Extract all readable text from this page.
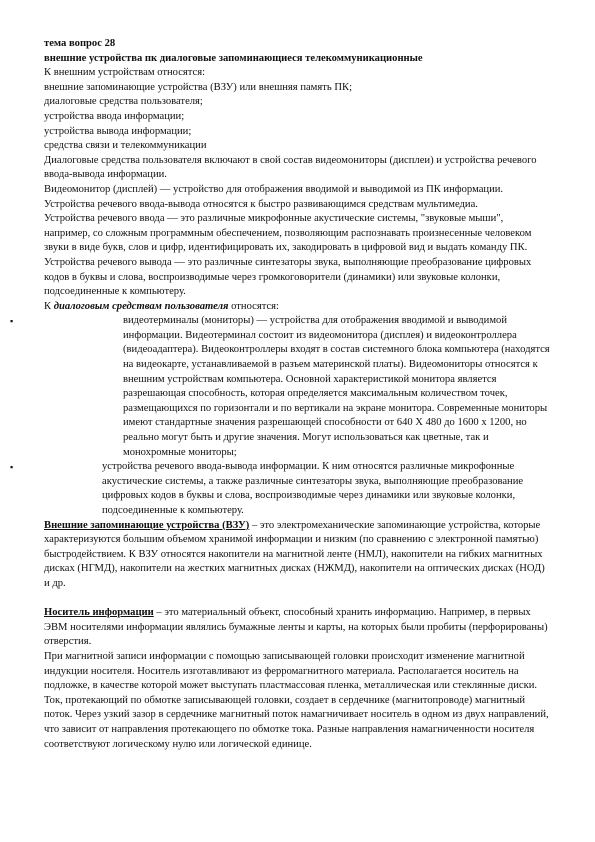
тема вопрос 28

внешние устройства пк диалоговые запоминающиеся телекоммуникационные

К внешним устройствам относятся:

внешние запоминающие устройства (ВЗУ) или внешняя память ПК;

диалоговые средства пользователя;

устройства ввода информации;

устройства вывода информации;

средства связи и телекоммуникации

Диалоговые средства пользователя включают в свой состав видеомониторы (дисплеи) и устройства речевого ввода-вывода информации.

Видеомонитор (дисплей) — устройство для отображения вводимой и выводимой из ПК информации.

Устройства речевого ввода-вывода относятся к быстро развивающимся средствам мультимедиа.

Устройства речевого ввода — это различные микрофонные акустические системы, "звуковые мыши", например, со сложным программным обеспечением, позволяющим распознавать произнесенные человеком звуки в виде букв, слов и цифр, идентифицировать их, закодировать в цифровой вид и выдать команду ПК.

Устройства речевого вывода — это различные синтезаторы звука, выполняющие преобразование цифровых кодов в буквы и слова, воспроизводимые через громкоговорители (динамики) или звуковые колонки, подсоединенные к компьютеру.

К диалоговым средствам пользователя относятся:

▪	видеотерминалы (мониторы) — устройства для отображения вводимой и выводимой информации. Видеотерминал состоит из видеомонитора (дисплея) и видеоконтроллера (видеоадаптера). Видеоконтроллеры входят в состав системного блока компьютера (находятся на видеокарте, устанавливаемой в разъем материнской платы). Видеомониторы относятся к внешним устройствам компьютера. Основной характеристикой монитора является разрешающая способность, которая определяется максимальным количеством точек, размещающихся по горизонтали и по вертикали на экране монитора. Современные мониторы имеют стандартные значения разрешающей способности от 640 Х 480 до 1600 х 1200, но реально могут быть и другие значения. Могут использоваться как цветные, так и монохромные мониторы;

▪	устройства речевого ввода-вывода информации. К ним относятся различные микрофонные акустические системы, а также различные синтезаторы звука, выполняющие преобразование цифровых кодов в буквы и слова, воспроизводимые через динамики или звуковые колонки, подсоединенные к компьютеру.

Внешние запоминающие устройства (ВЗУ) – это электромеханические запоминающие устройства, которые характеризуются большим объемом хранимой информации и низким (по сравнению с электронной памятью) быстродействием. К ВЗУ относятся накопители на магнитной ленте (НМЛ), накопители на гибких магнитных дисках (НГМД), накопители на жестких магнитных дисках (НЖМД), накопители на оптических дисках (НОД) и др.

Носитель информации – это материальный объект, способный хранить информацию. Например, в первых ЭВМ носителями информации являлись бумажные ленты и карты, на которых были пробиты (перфорированы) отверстия.

При магнитной записи информации с помощью записывающей головки происходит изменение магнитной индукции носителя. Носитель изготавливают из ферромагнитного материала. Располагается носитель на подложке, в качестве которой может выступать пластмассовая пленка, металлическая или стеклянные диски.

Ток, протекающий по обмотке записывающей головки, создает в сердечнике (магнитопроводе) магнитный поток. Через узкий зазор в сердечнике магнитный поток намагничивает носитель в одном из двух направлений, что зависит от направления протекающего по обмотке тока. Разные направления намагниченности носителя соответствуют логическому нулю или логической единице.
